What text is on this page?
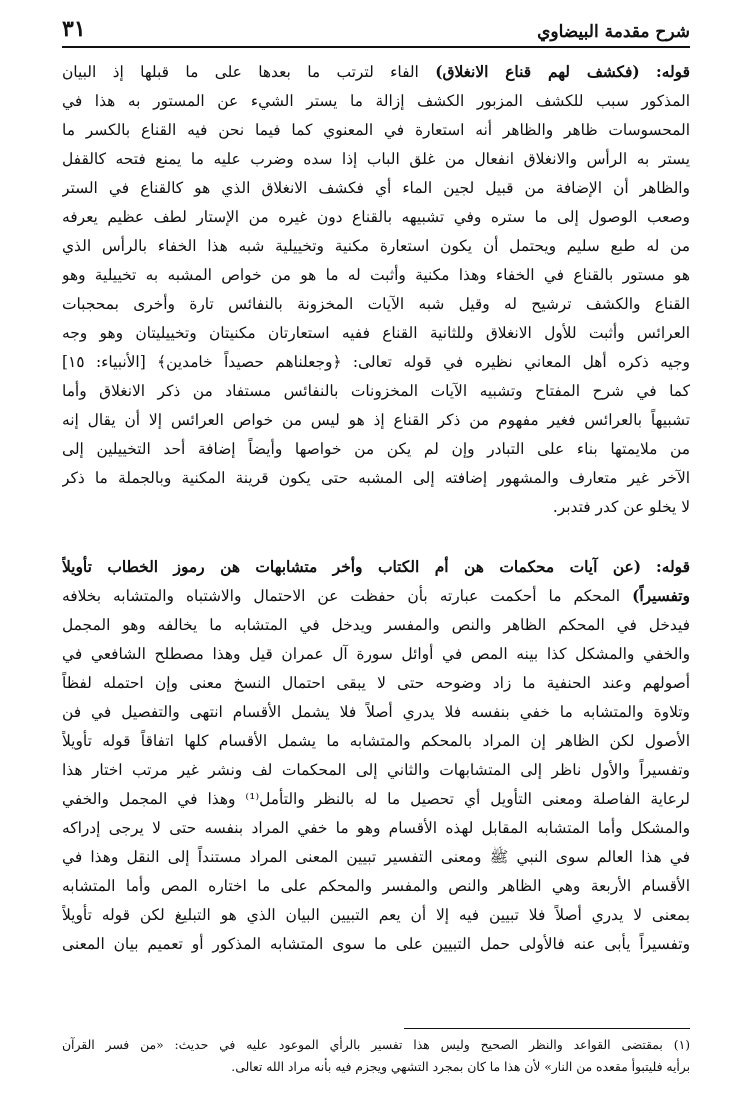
شرح مقدمة البيضاوي
٣١
قوله: (فكشف لهم قناع الانغلاق) الفاء لترتب ما بعدها على ما قبلها إذ البيان
المذكور سبب للكشف المزبور الكشف إزالة ما يستر الشيء عن المستور به هذا في
المحسوسات ظاهر والظاهر أنه استعارة في المعنوي كما فيما نحن فيه القناع بالكسر ما
يستر به الرأس والانغلاق انفعال من غلق الباب إذا سده وضرب عليه ما يمنع فتحه كالقفل
والظاهر أن الإضافة من قبيل لجين الماء أي فكشف الانغلاق الذي هو كالقناع في الستر
وصعب الوصول إلى ما ستره وفي تشبيهه بالقناع دون غيره من الإستار لطف عظيم يعرفه
من له طبع سليم ويحتمل أن يكون استعارة مكنية وتخييلية شبه هذا الخفاء بالرأس الذي
هو مستور بالقناع في الخفاء وهذا مكنية وأثبت له ما هو من خواص المشبه به تخييلية وهو
القناع والكشف ترشيح له وقيل شبه الآيات المخزونة بالنفائس تارة وأخرى بمحجبات
العرائس وأثبت للأول الانغلاق وللثانية القناع ففيه استعارتان مكنيتان وتخييليتان وهو وجه
وجيه ذكره أهل المعاني نظيره في قوله تعالى: ﴿وجعلناهم حصيداً خامدين﴾ [الأنبياء: ١٥]
كما في شرح المفتاح وتشبيه الآيات المخزونات بالنفائس مستفاد من ذكر الانغلاق وأما
تشبيهاً بالعرائس فغير مفهوم من ذكر القناع إذ هو ليس من خواص العرائس إلا أن يقال إنه
من ملايمتها بناء على التبادر وإن لم يكن من خواصها وأيضاً إضافة أحد التخييلين إلى
الآخر غير متعارف والمشهور إضافته إلى المشبه حتى يكون قرينة المكنية وبالجملة ما ذكر
لا يخلو عن كدر فتدبر.
قوله: (عن آيات محكمات هن أم الكتاب وأخر متشابهات هن رموز الخطاب تأويلاً
وتفسيراً) المحكم ما أحكمت عبارته بأن حفظت عن الاحتمال والاشتباه والمتشابه بخلافه
فيدخل في المحكم الظاهر والنص والمفسر ويدخل في المتشابه ما يخالفه وهو المجمل
والخفي والمشكل كذا بينه المص في أوائل سورة آل عمران قيل وهذا مصطلح الشافعي في
أصولهم وعند الحنفية ما زاد وضوحه حتى لا يبقى احتمال النسخ معنى وإن احتمله لفظاً
وتلاوة والمتشابه ما خفي بنفسه فلا يدري أصلاً فلا يشمل الأقسام انتهى والتفصيل في فن
الأصول لكن الظاهر إن المراد بالمحكم والمتشابه ما يشمل الأقسام كلها اتفاقاً قوله تأويلاً
وتفسيراً والأول ناظر إلى المتشابهات والثاني إلى المحكمات لف ونشر غير مرتب اختار هذا
لرعاية الفاصلة ومعنى التأويل أي تحصيل ما له بالنظر والتأمل⁽¹⁾ وهذا في المجمل والخفي
والمشكل وأما المتشابه المقابل لهذه الأقسام وهو ما خفي المراد بنفسه حتى لا يرجى إدراكه
في هذا العالم سوى النبي ﷺ ومعنى التفسير تبيين المعنى المراد مستنداً إلى النقل وهذا في
الأقسام الأربعة وهي الظاهر والنص والمفسر والمحكم على ما اختاره المص وأما المتشابه
بمعنى لا يدري أصلاً فلا تبيين فيه إلا أن يعم التبيين البيان الذي هو التبليغ لكن قوله تأويلاً
وتفسيراً يأبى عنه فالأولى حمل التبيين على ما سوى المتشابه المذكور أو تعميم بيان المعنى
(١) بمقتضى القواعد والنظر الصحيح وليس هذا تفسير بالرأي الموعود عليه في حديث: «من فسر القرآن
برأيه فليتبوأ مقعده من النار» لأن هذا ما كان بمجرد التشهي ويجزم فيه بأنه مراد الله تعالى.
